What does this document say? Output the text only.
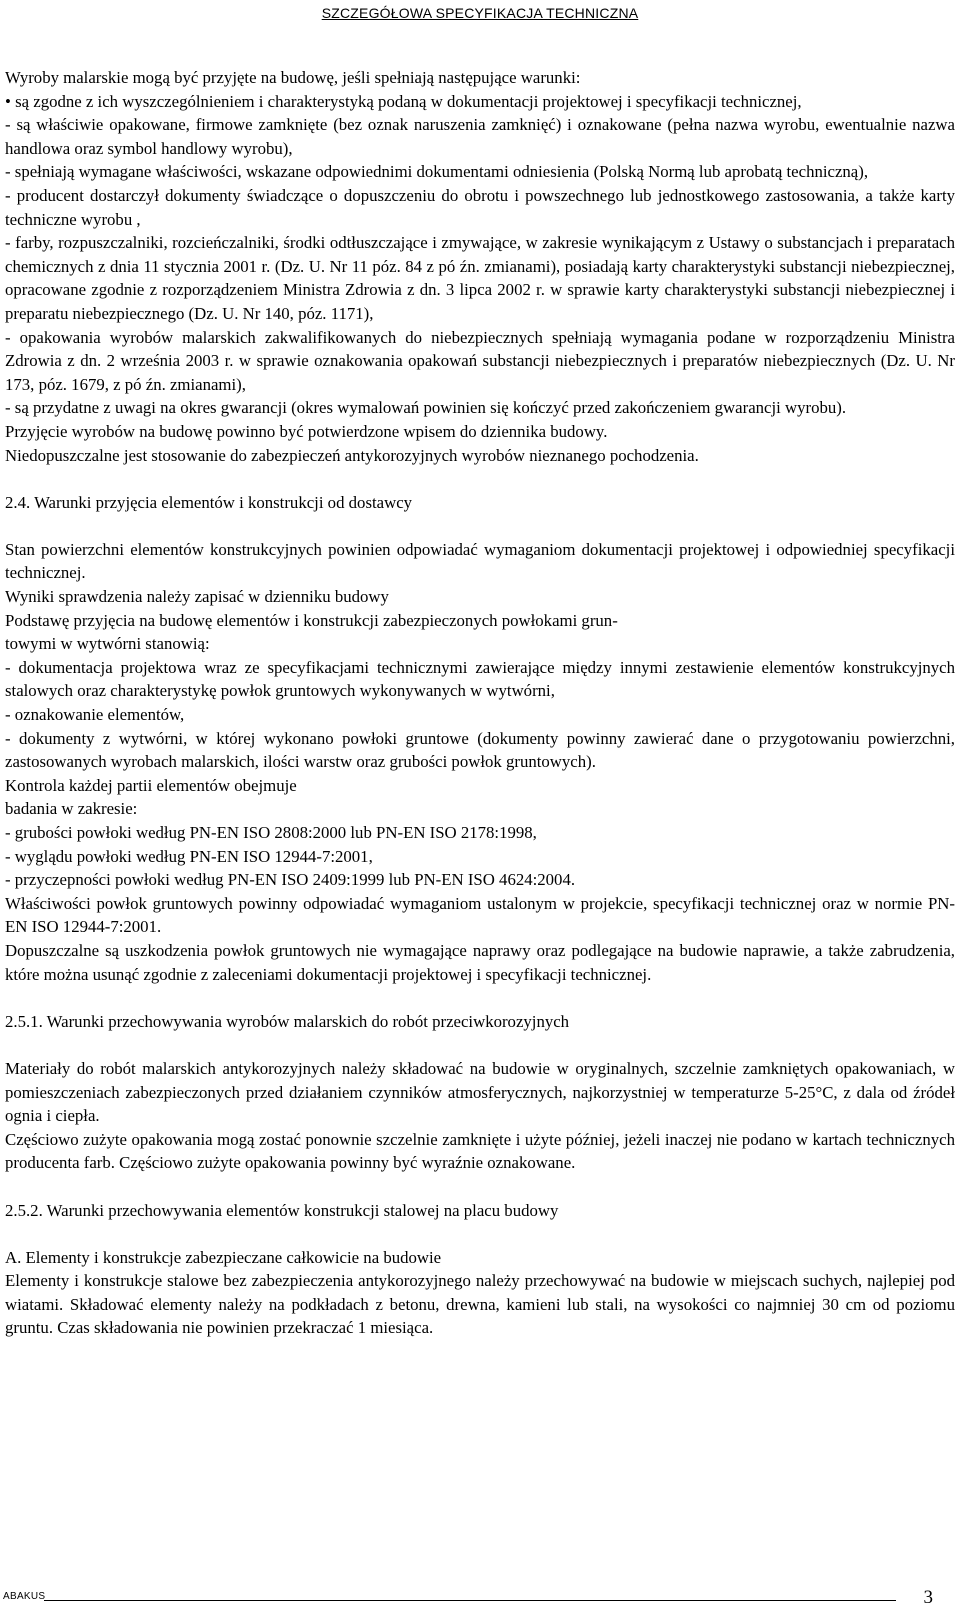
SZCZEGÓŁOWA SPECYFIKACJA TECHNICZNA

Wyroby malarskie mogą być przyjęte na budowę, jeśli spełniają następujące warunki:

• są zgodne z ich wyszczególnieniem i charakterystyką podaną w dokumentacji projektowej i specyfikacji technicznej,

- są właściwie opakowane, firmowe zamknięte (bez oznak naruszenia zamknięć) i oznakowane (pełna nazwa wyrobu, ewentualnie nazwa handlowa oraz symbol handlowy wyrobu),

- spełniają wymagane właściwości, wskazane odpowiednimi dokumentami odniesienia (Polską Normą lub aprobatą techniczną),

- producent dostarczył dokumenty świadczące o dopuszczeniu do obrotu i powszechnego lub jednostkowego zastosowania, a także karty techniczne wyrobu ,

- farby, rozpuszczalniki, rozcieńczalniki, środki odtłuszczające i zmywające, w zakresie wynikającym z Ustawy o substancjach i preparatach chemicznych z dnia 11 stycznia 2001 r. (Dz. U. Nr 11 póz. 84 z pó źn. zmianami), posiadają karty charakterystyki substancji niebezpiecznej, opracowane zgodnie z rozporządzeniem Ministra Zdrowia z dn. 3 lipca 2002 r. w sprawie karty charakterystyki substancji niebezpiecznej i preparatu niebezpiecznego (Dz. U. Nr 140, póz. 1171),

- opakowania wyrobów malarskich zakwalifikowanych do niebezpiecznych spełniają wymagania podane w rozporządzeniu Ministra Zdrowia z dn. 2 września 2003 r. w sprawie oznakowania opakowań substancji niebezpiecznych i preparatów niebezpiecznych (Dz. U. Nr 173, póz. 1679, z pó źn. zmianami),

- są przydatne z uwagi na okres gwarancji (okres wymalowań powinien się kończyć przed zakończeniem gwarancji wyrobu).

Przyjęcie wyrobów na budowę powinno być potwierdzone wpisem do dziennika budowy.

Niedopuszczalne jest stosowanie do zabezpieczeń antykorozyjnych wyrobów nieznanego pochodzenia.

2.4. Warunki przyjęcia elementów i konstrukcji od dostawcy

Stan powierzchni elementów konstrukcyjnych powinien odpowiadać wymaganiom dokumentacji projektowej i odpowiedniej specyfikacji technicznej.

Wyniki sprawdzenia należy zapisać w dzienniku budowy

Podstawę przyjęcia na budowę elementów i konstrukcji zabezpieczonych powłokami grun-

towymi w wytwórni stanowią:

- dokumentacja projektowa wraz ze specyfikacjami technicznymi zawierające między innymi zestawienie elementów konstrukcyjnych stalowych oraz charakterystykę powłok gruntowych wykonywanych w wytwórni,

- oznakowanie elementów,

- dokumenty z wytwórni, w której wykonano powłoki gruntowe (dokumenty powinny zawierać dane o przygotowaniu powierzchni, zastosowanych wyrobach malarskich, ilości warstw oraz grubości powłok gruntowych).

Kontrola każdej partii elementów obejmuje

badania w zakresie:

- grubości powłoki według PN-EN ISO 2808:2000 lub PN-EN ISO 2178:1998,

- wyglądu powłoki według PN-EN ISO 12944-7:2001,

- przyczepności powłoki według PN-EN ISO 2409:1999 lub PN-EN ISO 4624:2004.

Właściwości powłok gruntowych powinny odpowiadać wymaganiom ustalonym w projekcie, specyfikacji technicznej oraz w normie PN-EN ISO 12944-7:2001.

Dopuszczalne są uszkodzenia powłok gruntowych nie wymagające naprawy oraz podlegające na budowie naprawie, a także zabrudzenia, które można usunąć zgodnie z zaleceniami dokumentacji projektowej i specyfikacji technicznej.

2.5.1. Warunki przechowywania wyrobów malarskich do robót przeciwkorozyjnych

Materiały do robót malarskich antykorozyjnych należy składować na budowie w oryginalnych, szczelnie zamkniętych opakowaniach, w pomieszczeniach zabezpieczonych przed działaniem czynników atmosferycznych, najkorzystniej w temperaturze 5-25°C, z dala od źródeł ognia i ciepła.

Częściowo zużyte opakowania mogą zostać ponownie szczelnie zamknięte i użyte później, jeżeli inaczej nie podano w kartach technicznych producenta farb. Częściowo zużyte opakowania powinny być wyraźnie oznakowane.

2.5.2. Warunki przechowywania elementów konstrukcji stalowej na placu budowy

A. Elementy i konstrukcje zabezpieczane całkowicie na budowie

Elementy i konstrukcje stalowe bez zabezpieczenia antykorozyjnego należy przechowywać na budowie w miejscach suchych, najlepiej pod wiatami. Składować elementy należy na podkładach z betonu, drewna, kamieni lub stali, na wysokości co najmniej 30 cm od poziomu gruntu. Czas składowania nie powinien przekraczać 1 miesiąca.

ABAKUS	3
